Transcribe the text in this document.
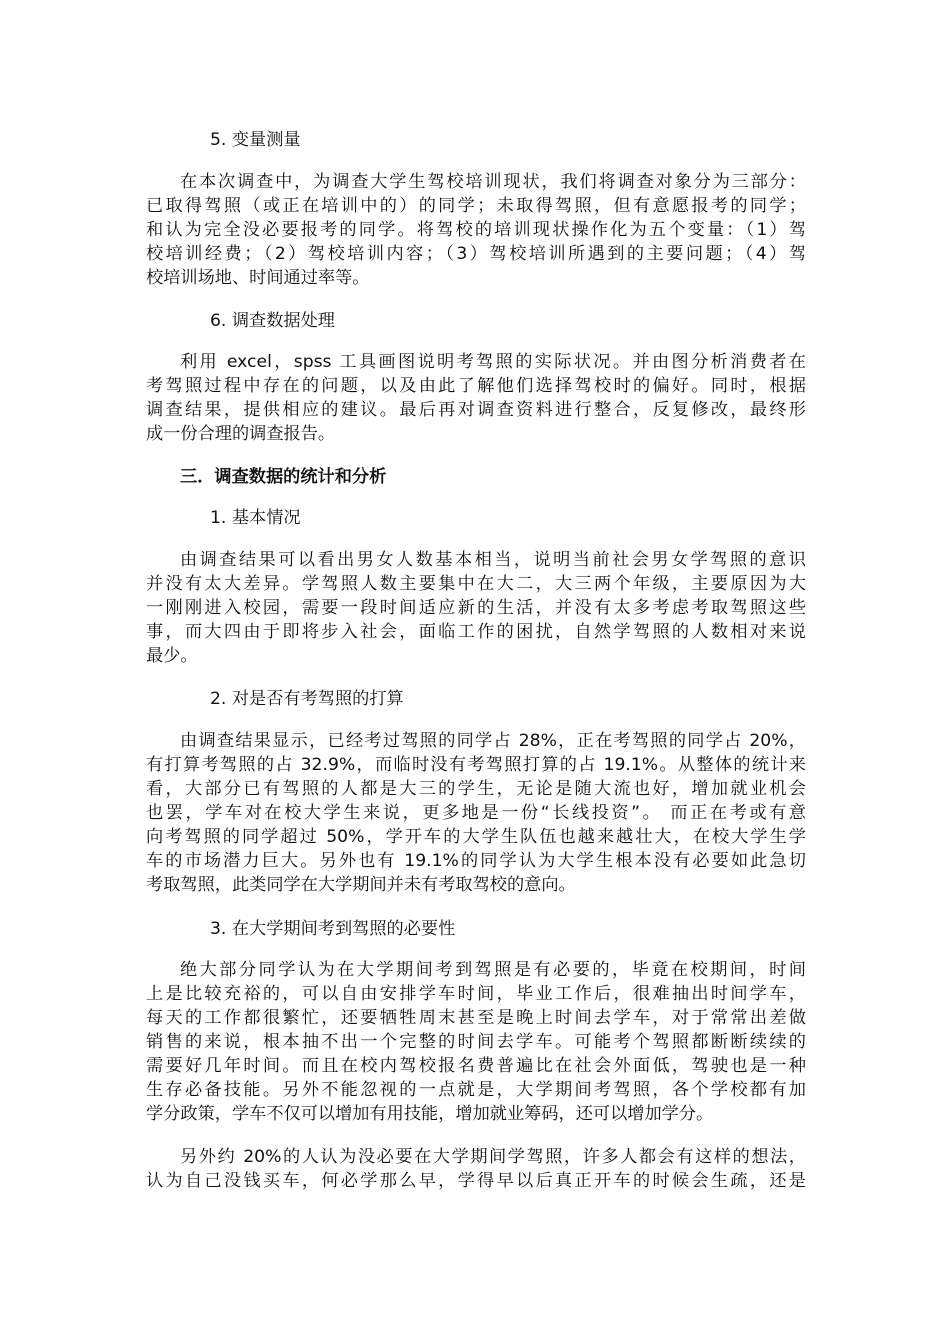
5. 变量测量
在本次调查中，为调查大学生驾校培训现状，我们将调查对象分为三部分：
已取得驾照（或正在培训中的）的同学；未取得驾照，但有意愿报考的同学；
和认为完全没必要报考的同学。将驾校的培训现状操作化为五个变量：（1）驾
校培训经费；（2）驾校培训内容；（3）驾校培训所遇到的主要问题；（4）驾
校培训场地、时间通过率等。
6. 调查数据处理
利用 excel，spss 工具画图说明考驾照的实际状况。并由图分析消费者在
考驾照过程中存在的问题，以及由此了解他们选择驾校时的偏好。同时，根据
调查结果，提供相应的建议。最后再对调查资料进行整合，反复修改，最终形
成一份合理的调查报告。
三．调查数据的统计和分析
1. 基本情况
由调查结果可以看出男女人数基本相当，说明当前社会男女学驾照的意识
并没有太大差异。学驾照人数主要集中在大二，大三两个年级，主要原因为大
一刚刚进入校园，需要一段时间适应新的生活，并没有太多考虑考取驾照这些
事，而大四由于即将步入社会，面临工作的困扰，自然学驾照的人数相对来说
最少。
2. 对是否有考驾照的打算
由调查结果显示，已经考过驾照的同学占 28%，正在考驾照的同学占 20%，
有打算考驾照的占 32.9%，而临时没有考驾照打算的占 19.1%。从整体的统计来
看，大部分已有驾照的人都是大三的学生，无论是随大流也好，增加就业机会
也罢，学车对在校大学生来说，更多地是一份“长线投资”。 而正在考或有意
向考驾照的同学超过 50%，学开车的大学生队伍也越来越壮大，在校大学生学
车的市场潜力巨大。另外也有 19.1%的同学认为大学生根本没有必要如此急切
考取驾照，此类同学在大学期间并未有考取驾校的意向。
3. 在大学期间考到驾照的必要性
绝大部分同学认为在大学期间考到驾照是有必要的，毕竟在校期间，时间
上是比较充裕的，可以自由安排学车时间，毕业工作后，很难抽出时间学车，
每天的工作都很繁忙，还要牺牲周末甚至是晚上时间去学车，对于常常出差做
销售的来说，根本抽不出一个完整的时间去学车。可能考个驾照都断断续续的
需要好几年时间。而且在校内驾校报名费普遍比在社会外面低，驾驶也是一种
生存必备技能。另外不能忽视的一点就是，大学期间考驾照，各个学校都有加
学分政策，学车不仅可以增加有用技能，增加就业筹码，还可以增加学分。
另外约 20%的人认为没必要在大学期间学驾照，许多人都会有这样的想法，
认为自己没钱买车，何必学那么早，学得早以后真正开车的时候会生疏，还是
